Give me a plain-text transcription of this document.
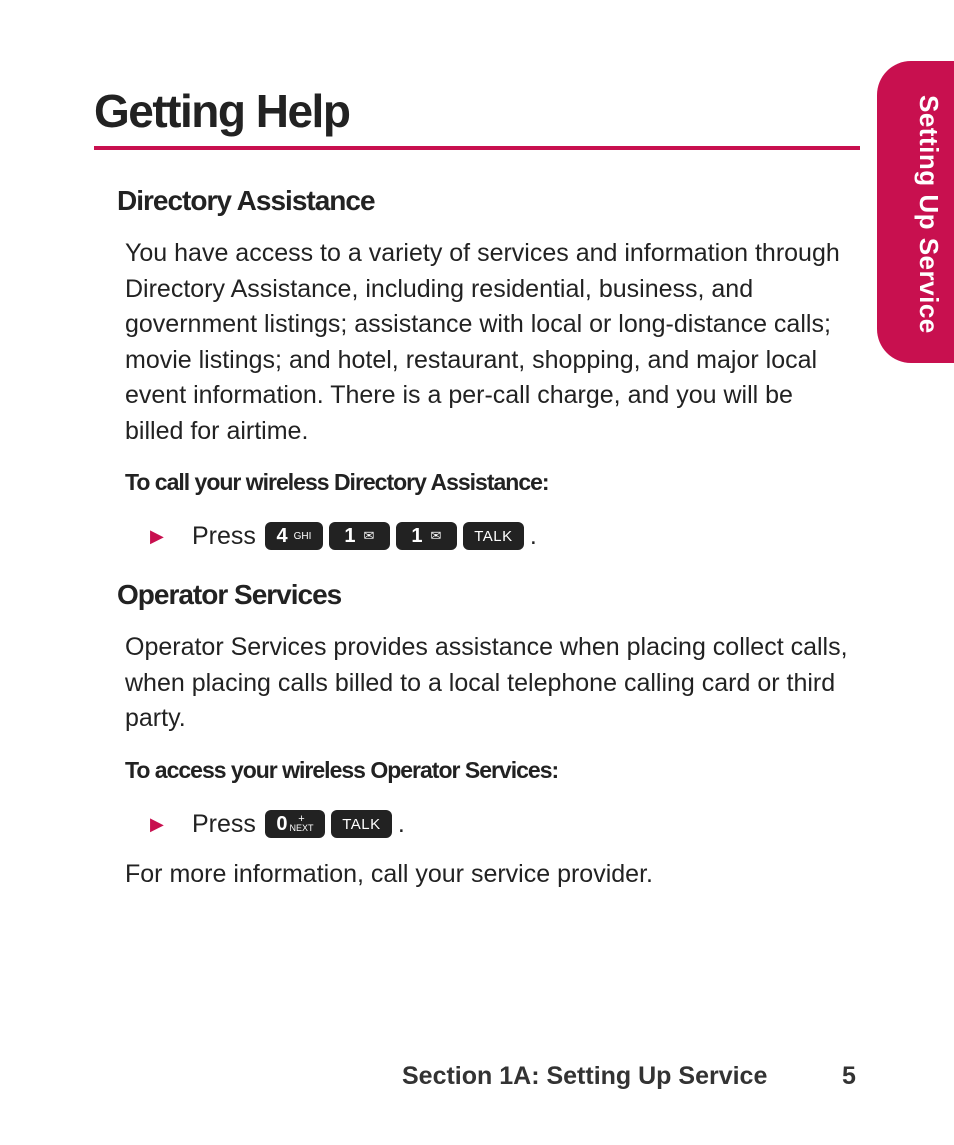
Setting Up Service
Getting Help
Directory Assistance

You have access to a variety of services and information through Directory Assistance, including residential, business, and government listings; assistance with local or long-distance calls; movie listings; and hotel, restaurant, shopping, and major local event information. There is a per-call charge, and you will be billed for airtime.

To call your wireless Directory Assistance:
▶	Press 4 GHI 1 ✉ 1 ✉ TALK .
Operator Services

Operator Services provides assistance when placing collect calls, when placing calls billed to a local telephone calling card or third party.

To access your wireless Operator Services:
▶	Press 0 +
NEXT TALK .

For more information, call your service provider.

Section 1A: Setting Up Service	5
